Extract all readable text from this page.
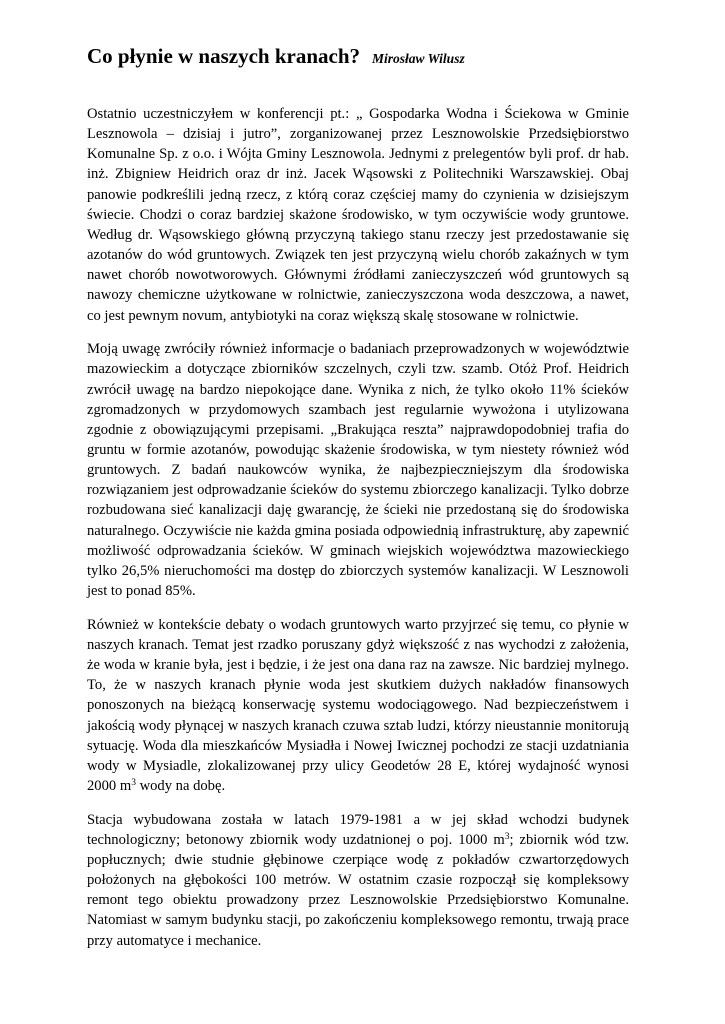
Co płynie w naszych kranach? Mirosław Wilusz

Ostatnio uczestniczyłem w konferencji pt.: „ Gospodarka Wodna i Ściekowa w Gminie Lesznowola – dzisiaj i jutro”, zorganizowanej przez Lesznowolskie Przedsiębiorstwo Komunalne Sp. z o.o. i Wójta Gminy Lesznowola. Jednymi z prelegentów byli prof. dr hab. inż. Zbigniew Heidrich oraz dr inż. Jacek Wąsowski z Politechniki Warszawskiej. Obaj panowie podkreślili jedną rzecz, z którą coraz częściej mamy do czynienia w dzisiejszym świecie. Chodzi o coraz bardziej skażone środowisko, w tym oczywiście wody gruntowe. Według dr. Wąsowskiego główną przyczyną takiego stanu rzeczy jest przedostawanie się azotanów do wód gruntowych. Związek ten jest przyczyną wielu chorób zakaźnych w tym nawet chorób nowotworowych. Głównymi źródłami zanieczyszczeń wód gruntowych są nawozy chemiczne użytkowane w rolnictwie, zanieczyszczona woda deszczowa, a nawet, co jest pewnym novum, antybiotyki na coraz większą skalę stosowane w rolnictwie.

Moją uwagę zwróciły również informacje o badaniach przeprowadzonych w województwie mazowieckim a dotyczące zbiorników szczelnych, czyli tzw. szamb. Otóż Prof. Heidrich zwrócił uwagę na bardzo niepokojące dane. Wynika z nich, że tylko około 11% ścieków zgromadzonych w przydomowych szambach jest regularnie wywożona i utylizowana zgodnie z obowiązującymi przepisami. „Brakująca reszta” najprawdopodobniej trafia do gruntu w formie azotanów, powodując skażenie środowiska, w tym niestety również wód gruntowych. Z badań naukowców wynika, że najbezpieczniejszym dla środowiska rozwiązaniem jest odprowadzanie ścieków do systemu zbiorczego kanalizacji. Tylko dobrze rozbudowana sieć kanalizacji daję gwarancję, że ścieki nie przedostaną się do środowiska naturalnego. Oczywiście nie każda gmina posiada odpowiednią infrastrukturę, aby zapewnić możliwość odprowadzania ścieków. W gminach wiejskich województwa mazowieckiego tylko 26,5% nieruchomości ma dostęp do zbiorczych systemów kanalizacji. W Lesznowoli jest to ponad 85%.

Również w kontekście debaty o wodach gruntowych warto przyjrzeć się temu, co płynie w naszych kranach. Temat jest rzadko poruszany gdyż większość z nas wychodzi z założenia, że woda w kranie była, jest i będzie, i że jest ona dana raz na zawsze. Nic bardziej mylnego. To, że w naszych kranach płynie woda jest skutkiem dużych nakładów finansowych ponoszonych na bieżącą konserwację systemu wodociągowego. Nad bezpieczeństwem i jakością wody płynącej w naszych kranach czuwa sztab ludzi, którzy nieustannie monitorują sytuację. Woda dla mieszkańców Mysiadła i Nowej Iwicznej pochodzi ze stacji uzdatniania wody w Mysiadle, zlokalizowanej przy ulicy Geodetów 28 E, której wydajność wynosi 2000 $m^3$ wody na dobę.

Stacja wybudowana została w latach 1979-1981 a w jej skład wchodzi budynek technologiczny; betonowy zbiornik wody uzdatnionej o poj. 1000 $m^3$; zbiornik wód tzw. popłucznych; dwie studnie głębinowe czerpiące wodę z pokładów czwartorzędowych położonych na głębokości 100 metrów. W ostatnim czasie rozpoczął się kompleksowy remont tego obiektu prowadzony przez Lesznowolskie Przedsiębiorstwo Komunalne. Natomiast w samym budynku stacji, po zakończeniu kompleksowego remontu, trwają prace przy automatyce i mechanice.
